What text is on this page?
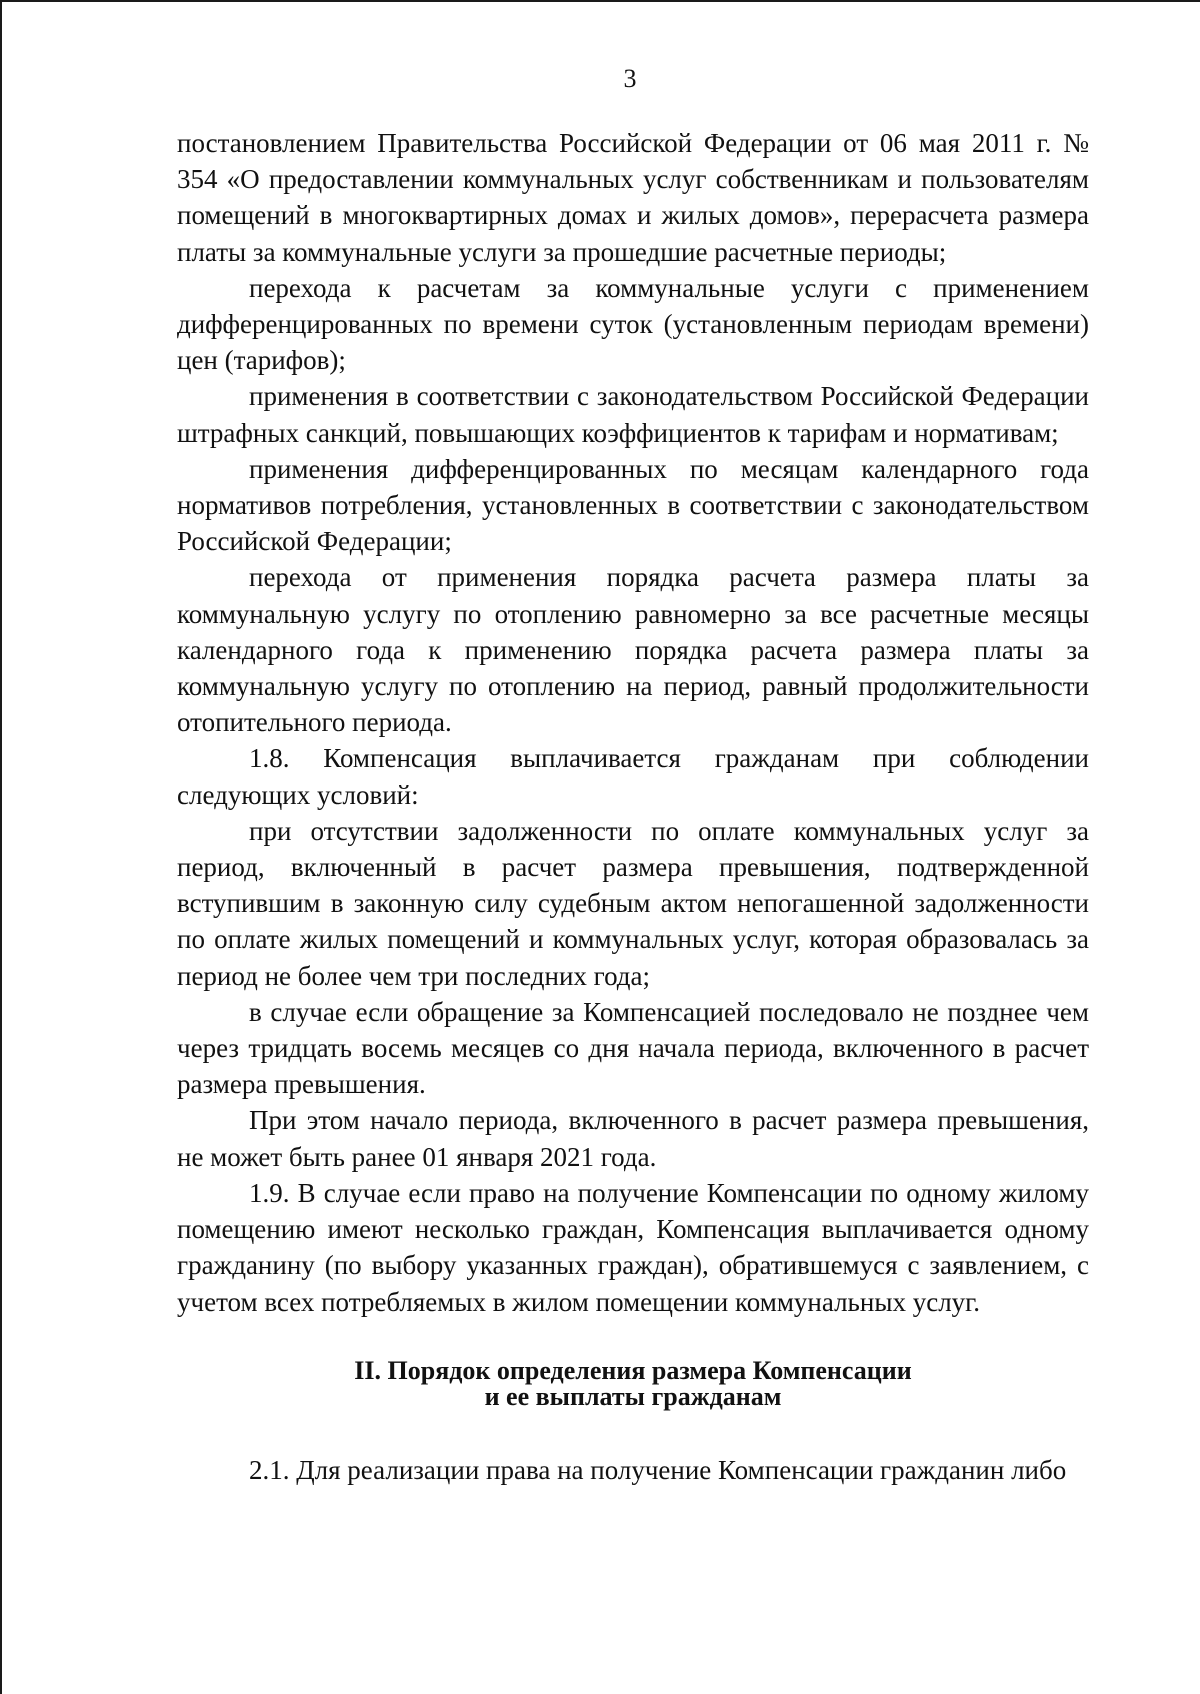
3

постановлением Правительства Российской Федерации от 06 мая 2011 г. № 354 «О предоставлении коммунальных услуг собственникам и пользователям помещений в многоквартирных домах и жилых домов», перерасчета размера платы за коммунальные услуги за прошедшие расчетные периоды;

перехода к расчетам за коммунальные услуги с применением дифференцированных по времени суток (установленным периодам времени) цен (тарифов);

применения в соответствии с законодательством Российской Федерации штрафных санкций, повышающих коэффициентов к тарифам и нормативам;

применения дифференцированных по месяцам календарного года нормативов потребления, установленных в соответствии с законодательством Российской Федерации;

перехода от применения порядка расчета размера платы за коммунальную услугу по отоплению равномерно за все расчетные месяцы календарного года к применению порядка расчета размера платы за коммунальную услугу по отоплению на период, равный продолжительности отопительного периода.

1.8. Компенсация выплачивается гражданам при соблюдении следующих условий:

при отсутствии задолженности по оплате коммунальных услуг за период, включенный в расчет размера превышения, подтвержденной вступившим в законную силу судебным актом непогашенной задолженности по оплате жилых помещений и коммунальных услуг, которая образовалась за период не более чем три последних года;

в случае если обращение за Компенсацией последовало не позднее чем через тридцать восемь месяцев со дня начала периода, включенного в расчет размера превышения.

При этом начало периода, включенного в расчет размера превышения, не может быть ранее 01 января 2021 года.

1.9. В случае если право на получение Компенсации по одному жилому помещению имеют несколько граждан, Компенсация выплачивается одному гражданину (по выбору указанных граждан), обратившемуся с заявлением, с учетом всех потребляемых в жилом помещении коммунальных услуг.

II. Порядок определения размера Компенсации
и ее выплаты гражданам

2.1. Для реализации права на получение Компенсации гражданин либо
